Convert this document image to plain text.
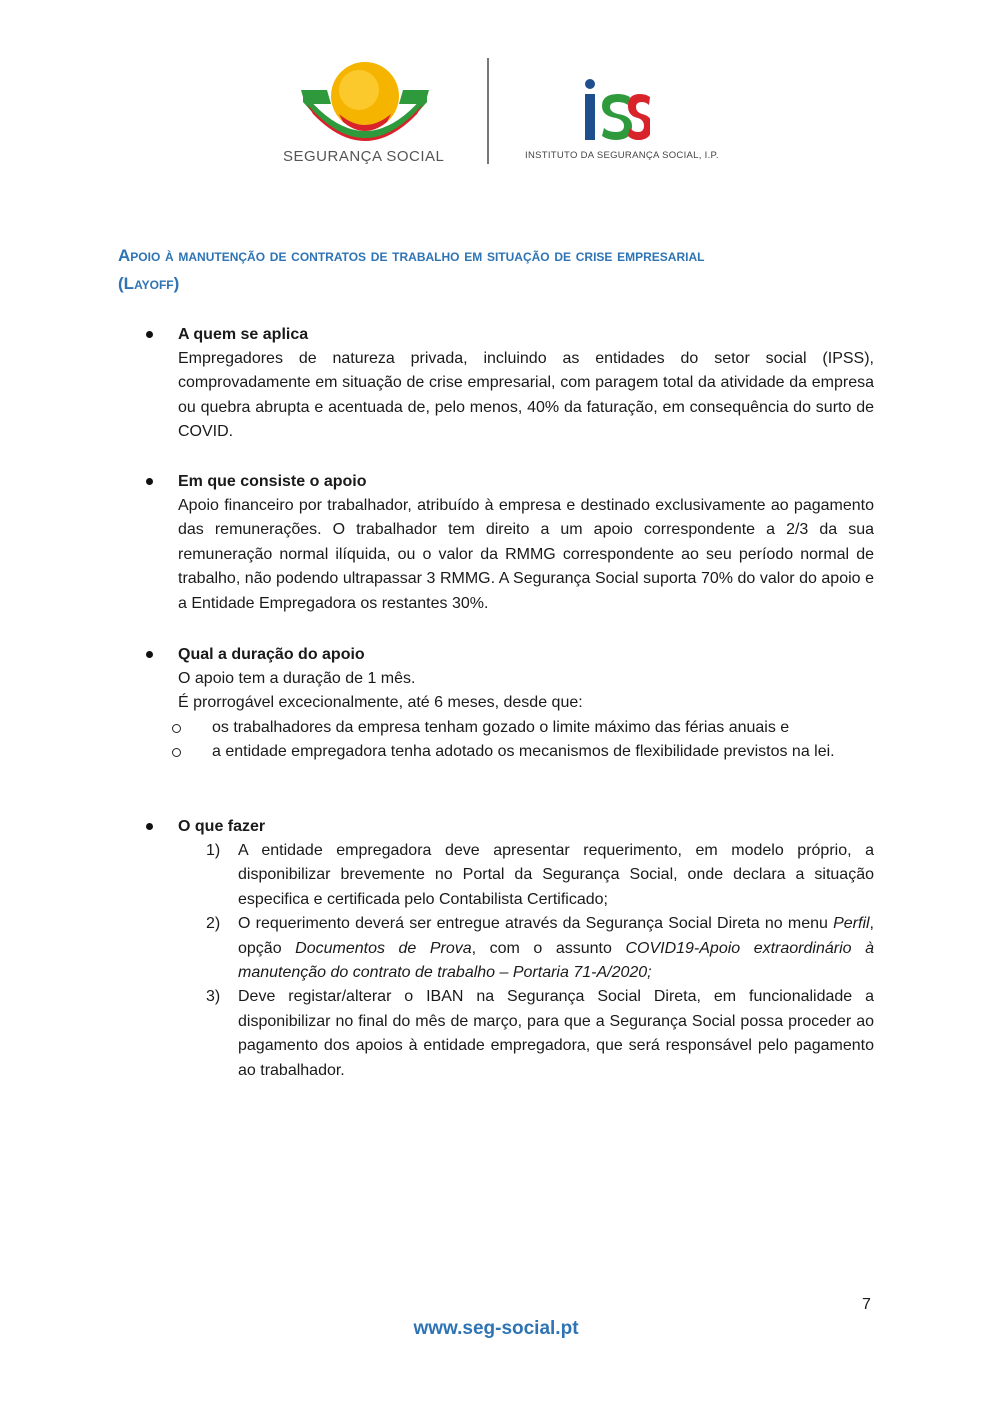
SEGURANÇA SOCIAL	INSTITUTO DA SEGURANÇA SOCIAL, I.P.
Apoio à manutenção de contratos de trabalho em situação de crise empresarial
(Layoff)
A quem se aplica
Empregadores de natureza privada, incluindo as entidades do setor social (IPSS), comprovadamente em situação de crise empresarial, com paragem total da atividade da empresa ou quebra abrupta e acentuada de, pelo menos, 40% da faturação, em consequência do surto de COVID.
Em que consiste o apoio
Apoio financeiro por trabalhador, atribuído à empresa e destinado exclusivamente ao pagamento das remunerações. O trabalhador tem direito a um apoio correspondente a 2/3 da sua remuneração normal ilíquida, ou o valor da RMMG correspondente ao seu período normal de trabalho, não podendo ultrapassar 3 RMMG. A Segurança Social suporta 70% do valor do apoio e a Entidade Empregadora os restantes 30%.
Qual a duração do apoio
O apoio tem a duração de 1 mês.
É prorrogável excecionalmente, até 6 meses, desde que:
os trabalhadores da empresa tenham gozado o limite máximo das férias anuais e
a entidade empregadora tenha adotado os mecanismos de flexibilidade previstos na lei.
O que fazer
1) A entidade empregadora deve apresentar requerimento, em modelo próprio, a disponibilizar brevemente no Portal da Segurança Social, onde declara a situação especifica e certificada pelo Contabilista Certificado;
2) O requerimento deverá ser entregue através da Segurança Social Direta no menu Perfil, opção Documentos de Prova, com o assunto COVID19-Apoio extraordinário à manutenção do contrato de trabalho – Portaria 71-A/2020;
3) Deve registar/alterar o IBAN na Segurança Social Direta, em funcionalidade a disponibilizar no final do mês de março, para que a Segurança Social possa proceder ao pagamento dos apoios à entidade empregadora, que será responsável pelo pagamento ao trabalhador.
7
www.seg-social.pt
